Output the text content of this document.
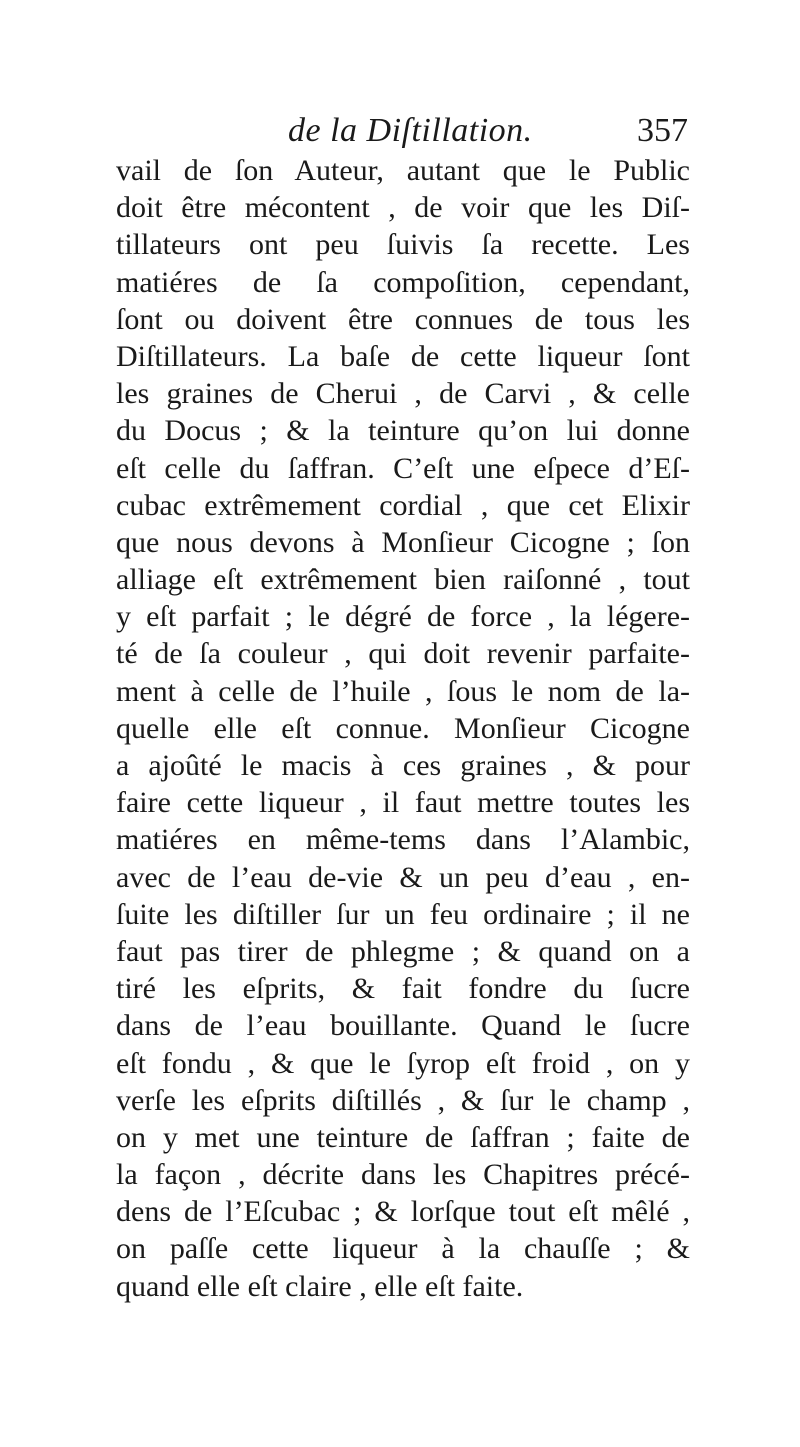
de la Diſtillation.	357
vail de ſon Auteur, autant que le Public
doit être mécontent , de voir que les Diſ-
tillateurs ont peu ſuivis ſa recette. Les
matiéres de ſa compoſition, cependant,
ſont ou doivent être connues de tous les
Diſtillateurs. La baſe de cette liqueur ſont
les graines de Cherui , de Carvi , & celle
du Docus ; & la teinture qu’on lui donne
eſt celle du ſaffran. C’eſt une eſpece d’Eſ-
cubac extrêmement cordial , que cet Elixir
que nous devons à Monſieur Cicogne ; ſon
alliage eſt extrêmement bien raiſonné , tout
y eſt parfait ; le dégré de force , la légere-
té de ſa couleur , qui doit revenir parfaite-
ment à celle de l’huile , ſous le nom de la-
quelle elle eſt connue. Monſieur Cicogne
a ajoûté le macis à ces graines , & pour
faire cette liqueur , il faut mettre toutes les
matiéres en même-tems dans l’Alambic,
avec de l’eau de-vie & un peu d’eau , en-
ſuite les diſtiller ſur un feu ordinaire ; il ne
faut pas tirer de phlegme ; & quand on a
tiré les eſprits, & fait fondre du ſucre
dans de l’eau bouillante. Quand le ſucre
eſt fondu , & que le ſyrop eſt froid , on y
verſe les eſprits diſtillés , & ſur le champ ,
on y met une teinture de ſaffran ; faite de
la façon , décrite dans les Chapitres précé-
dens de l’Eſcubac ; & lorſque tout eſt mêlé ,
on paſſe cette liqueur à la chauſſe ; &
quand elle eſt claire , elle eſt faite.
